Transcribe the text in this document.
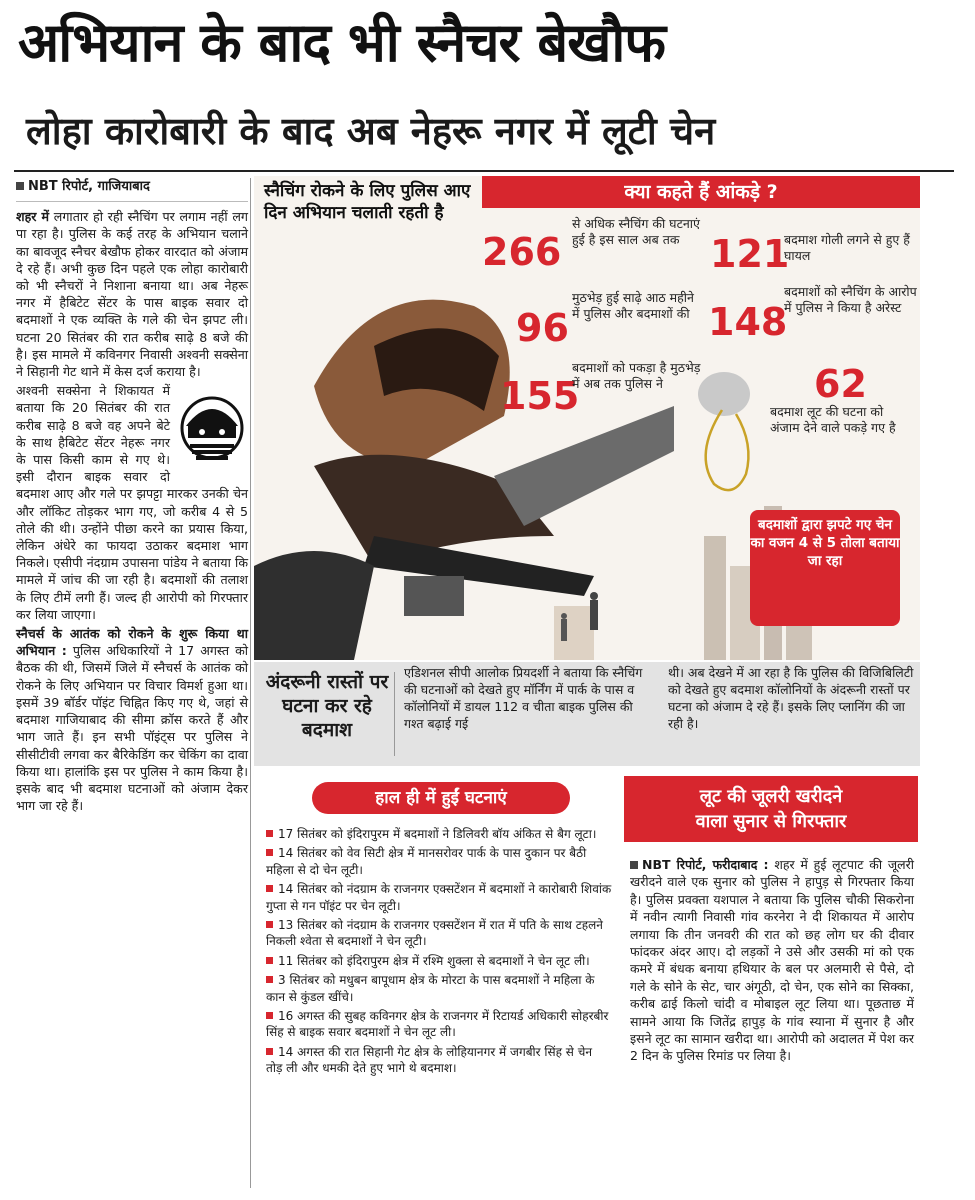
अभियान के बाद भी स्नैचर बेखौफ
लोहा कारोबारी के बाद अब नेहरू नगर में लूटी चेन
NBT रिपोर्ट, गाजियाबाद

शहर में लगातार हो रही स्नैचिंग पर लगाम नहीं लग पा रहा है। पुलिस के कई तरह के अभियान चलाने का बावजूद स्नैचर बेखौफ होकर वारदात को अंजाम दे रहे हैं। अभी कुछ दिन पहले एक लोहा कारोबारी को भी स्नैचरों ने निशाना बनाया था। अब नेहरू नगर में हैबिटेट सेंटर के पास बाइक सवार दो बदमाशों ने एक व्यक्ति के गले की चेन झपट ली। घटना 20 सितंबर की रात करीब साढ़े 8 बजे की है। इस मामले में कविनगर निवासी अश्वनी सक्सेना ने सिहानी गेट थाने में केस दर्ज कराया है।

अश्वनी सक्सेना ने शिकायत में बताया कि 20 सितंबर की रात करीब साढ़े 8 बजे वह अपने बेटे के साथ हैबिटेट सेंटर नेहरू नगर के पास किसी काम से गए थे। इसी दौरान बाइक सवार दो बदमाश आए और गले पर झपट्टा मारकर उनकी चेन और लॉकिट तोड़कर भाग गए, जो करीब 4 से 5 तोले की थी। उन्होंने पीछा करने का प्रयास किया, लेकिन अंधेरे का फायदा उठाकर बदमाश भाग निकले। एसीपी नंदग्राम उपासना पांडेय ने बताया कि मामले में जांच की जा रही है। बदमाशों की तलाश के लिए टीमें लगी हैं। जल्द ही आरोपी को गिरफ्तार कर लिया जाएगा।

स्नैचर्स के आतंक को रोकने के शुरू किया था अभियान : पुलिस अधिकारियों ने 17 अगस्त को बैठक की थी, जिसमें जिले में स्नैचर्स के आतंक को रोकने के लिए अभियान पर विचार विमर्श हुआ था। इसमें 39 बॉर्डर पॉइंट चिह्नित किए गए थे, जहां से बदमाश गाजियाबाद की सीमा क्रॉस करते हैं और भाग जाते हैं। इन सभी पॉइंट्स पर पुलिस ने सीसीटीवी लगवा कर बैरिकेडिंग कर चेकिंग का दावा किया था। हालांकि इस पर पुलिस ने काम किया है। इसके बाद भी बदमाश घटनाओं को अंजाम देकर भाग जा रहे हैं।

स्नैचिंग रोकने के लिए पुलिस आए दिन अभियान चलाती रहती है
क्या कहते हैं आंकड़े ?
266
से अधिक स्नैचिंग की घटनाएं हुई है इस साल अब तक 121
बदमाश गोली लगने से हुए हैं घायल
96
मुठभेड़ हुई साढ़े आठ महीने में पुलिस और बदमाशों की 148
बदमाशों को स्नैचिंग के आरोप में पुलिस ने किया है अरेस्ट
155
बदमाशों को पकड़ा है मुठभेड़ में अब तक पुलिस ने	62
बदमाश लूट की घटना को अंजाम देने वाले पकड़े गए है
बदमाशों द्वारा झपटे गए चेन का वजन 4 से 5 तोला बताया जा रहा
अंदरूनी रास्तों पर घटना कर रहे बदमाश
एडिशनल सीपी आलोक प्रियदर्शी ने बताया कि स्नैचिंग की घटनाओं को देखते हुए मॉर्निंग में पार्क के पास व कॉलोनियों में डायल 112 व चीता बाइक पुलिस की गश्त बढ़ाई गई
थी। अब देखने में आ रहा है कि पुलिस की विजिबिलिटी को देखते हुए बदमाश कॉलोनियों के अंदरूनी रास्तों पर घटना को अंजाम दे रहे हैं। इसके लिए प्लानिंग की जा रही है।
हाल ही में हुईं घटनाएं
17 सितंबर को इंदिरापुरम में बदमाशों ने डिलिवरी बॉय अंकित से बैग लूटा।
14 सितंबर को वेव सिटी क्षेत्र में मानसरोवर पार्क के पास दुकान पर बैठी महिला से दो चेन लूटी।
14 सितंबर को नंदग्राम के राजनगर एक्सटेंशन में बदमाशों ने कारोबारी शिवांक गुप्ता से गन पॉइंट पर चेन लूटी।
13 सितंबर को नंदग्राम के राजनगर एक्सटेंशन में रात में पति के साथ टहलने निकली श्वेता से बदमाशों ने चेन लूटी।
11 सितंबर को इंदिरापुरम क्षेत्र में रश्मि शुक्ला से बदमाशों ने चेन लूट ली।
3 सितंबर को मधुबन बापूधाम क्षेत्र के मोरटा के पास बदमाशों ने महिला के कान से कुंडल खींचे।
16 अगस्त की सुबह कविनगर क्षेत्र के राजनगर में रिटायर्ड अधिकारी सोहरबीर सिंह से बाइक सवार बदमाशों ने चेन लूट ली।
14 अगस्त की रात सिहानी गेट क्षेत्र के लोहियानगर में जगबीर सिंह से चेन तोड़ ली और धमकी देते हुए भागे थे बदमाश।
लूट की जूलरी खरीदने
वाला सुनार से गिरफ्तार
NBT रिपोर्ट, फरीदाबाद : शहर में हुई लूटपाट की जूलरी खरीदने वाले एक सुनार को पुलिस ने हापुड़ से गिरफ्तार किया है। पुलिस प्रवक्ता यशपाल ने बताया कि पुलिस चौकी सिकरोना में नवीन त्यागी निवासी गांव करनेरा ने दी शिकायत में आरोप लगाया कि तीन जनवरी की रात को छह लोग घर की दीवार फांदकर अंदर आए। दो लड़कों ने उसे और उसकी मां को एक कमरे में बंधक बनाया हथियार के बल पर अलमारी से पैसे, दो गले के सोने के सेट, चार अंगूठी, दो चेन, एक सोने का सिक्का, करीब ढाई किलो चांदी व मोबाइल लूट लिया था। पूछताछ में सामने आया कि जितेंद्र हापुड़ के गांव स्याना में सुनार है और इसने लूट का सामान खरीदा था। आरोपी को अदालत में पेश कर 2 दिन के पुलिस रिमांड पर लिया है।
